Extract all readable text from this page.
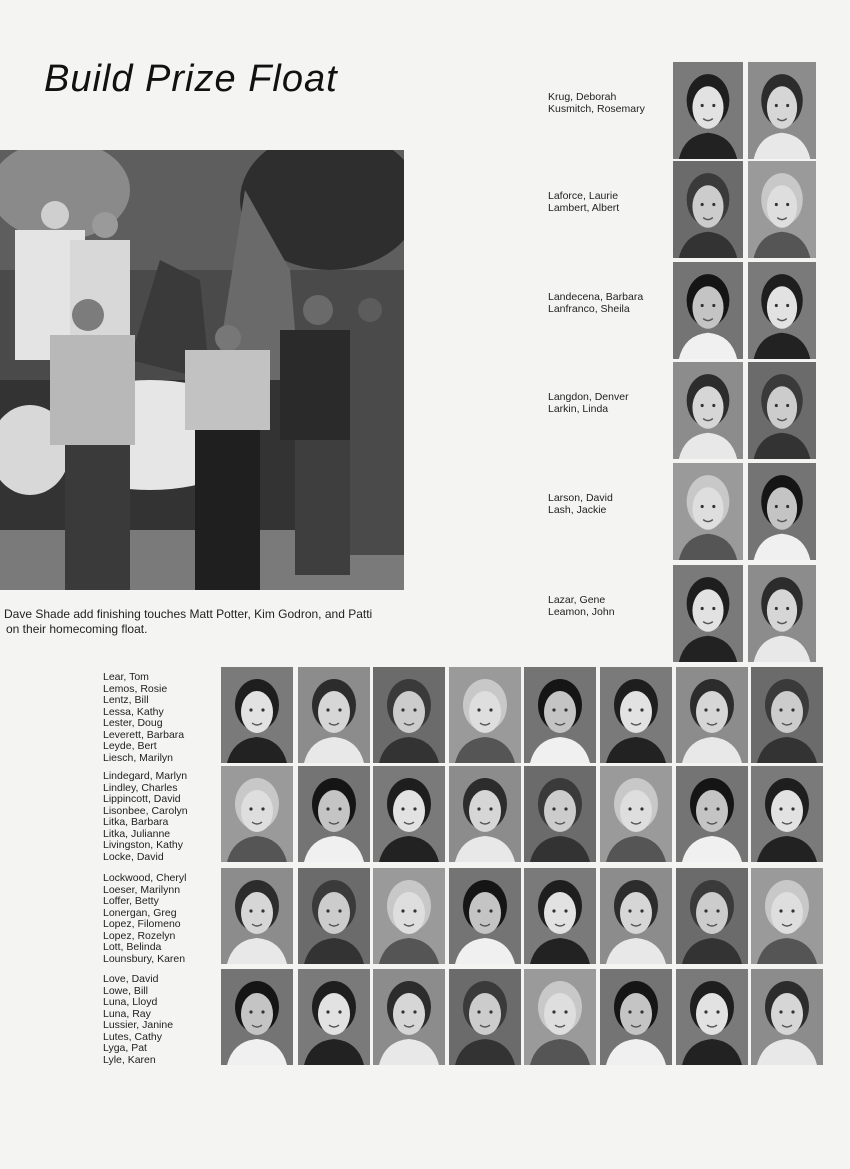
Build Prize Float
Dave Shade add finishing touches Matt Potter, Kim Godron, and Patti
on their homecoming float.
Krug, Deborah
Kusmitch, Rosemary
Laforce, Laurie
Lambert, Albert
Landecena, Barbara
Lanfranco, Sheila
Langdon, Denver
Larkin, Linda
Larson, David
Lash, Jackie
Lazar, Gene
Leamon, John
Lear, Tom
Lemos, Rosie
Lentz, Bill
Lessa, Kathy
Lester, Doug
Leverett, Barbara
Leyde, Bert
Liesch, Marilyn
Lindegard, Marlyn
Lindley, Charles
Lippincott, David
Lisonbee, Carolyn
Litka, Barbara
Litka, Julianne
Livingston, Kathy
Locke, David
Lockwood, Cheryl
Loeser, Marilynn
Loffer, Betty
Lonergan, Greg
Lopez, Filomeno
Lopez, Rozelyn
Lott, Belinda
Lounsbury, Karen
Love, David
Lowe, Bill
Luna, Lloyd
Luna, Ray
Lussier, Janine
Lutes, Cathy
Lyga, Pat
Lyle, Karen
